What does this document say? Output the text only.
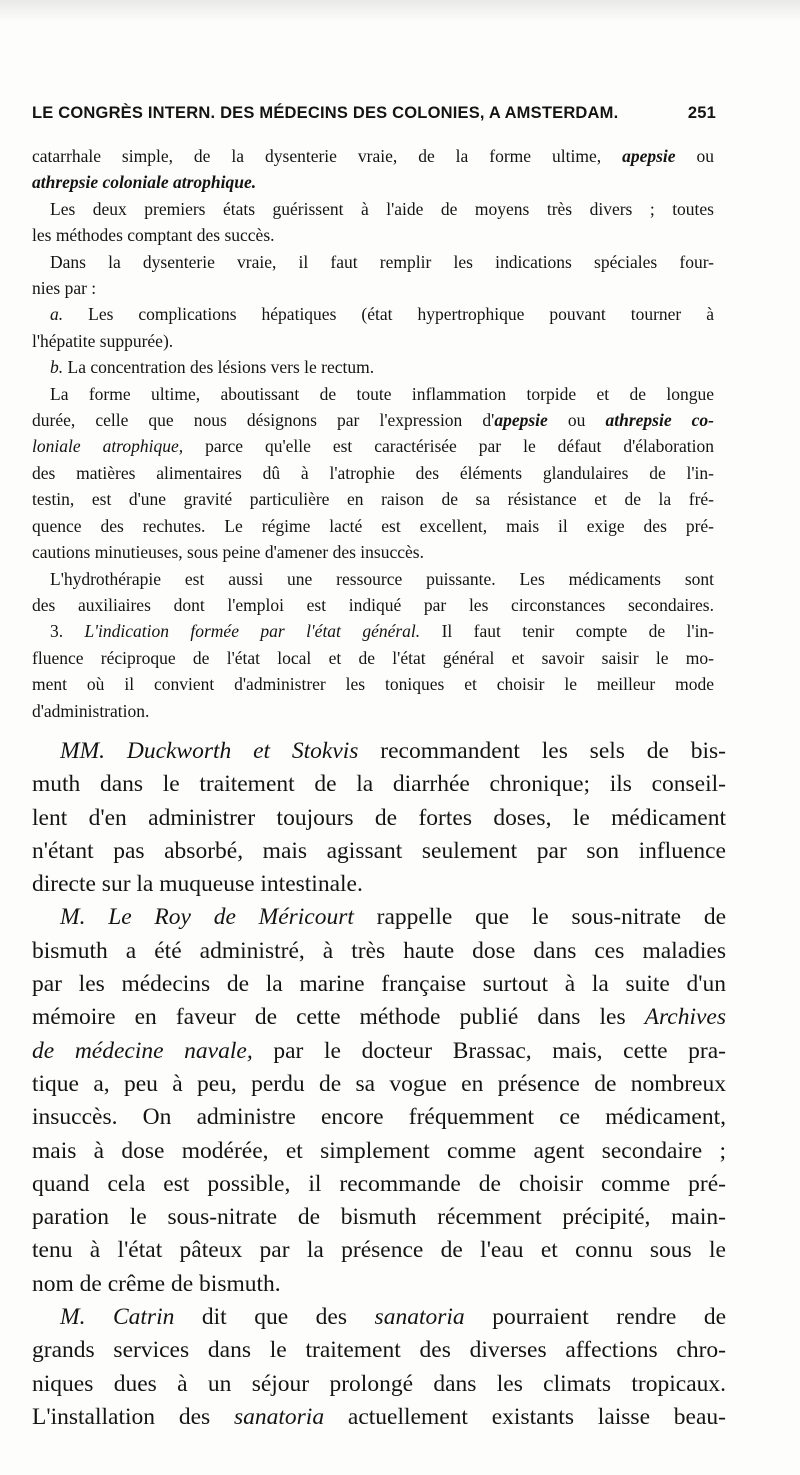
LE CONGRÈS INTERN. DES MÉDECINS DES COLONIES, A AMSTERDAM.	251
catarrhale simple, de la dysenterie vraie, de la forme ultime, apepsie ou
athrepsie coloniale atrophique.
Les deux premiers états guérissent à l'aide de moyens très divers ; toutes
les méthodes comptant des succès.
Dans la dysenterie vraie, il faut remplir les indications spéciales four-
nies par :
a. Les complications hépatiques (état hypertrophique pouvant tourner à
l'hépatite suppurée).
b. La concentration des lésions vers le rectum.
La forme ultime, aboutissant de toute inflammation torpide et de longue
durée, celle que nous désignons par l'expression d'apepsie ou athrepsie co-
loniale atrophique, parce qu'elle est caractérisée par le défaut d'élaboration
des matières alimentaires dû à l'atrophie des éléments glandulaires de l'in-
testin, est d'une gravité particulière en raison de sa résistance et de la fré-
quence des rechutes. Le régime lacté est excellent, mais il exige des pré-
cautions minutieuses, sous peine d'amener des insuccès.
L'hydrothérapie est aussi une ressource puissante. Les médicaments sont
des auxiliaires dont l'emploi est indiqué par les circonstances secondaires.
3. L'indication formée par l'état général. Il faut tenir compte de l'in-
fluence réciproque de l'état local et de l'état général et savoir saisir le mo-
ment où il convient d'administrer les toniques et choisir le meilleur mode
d'administration.
MM. Duckworth et Stokvis recommandent les sels de bis-
muth dans le traitement de la diarrhée chronique; ils conseil-
lent d'en administrer toujours de fortes doses, le médicament
n'étant pas absorbé, mais agissant seulement par son influence
directe sur la muqueuse intestinale.
M. Le Roy de Méricourt rappelle que le sous-nitrate de
bismuth a été administré, à très haute dose dans ces maladies
par les médecins de la marine française surtout à la suite d'un
mémoire en faveur de cette méthode publié dans les Archives
de médecine navale, par le docteur Brassac, mais, cette pra-
tique a, peu à peu, perdu de sa vogue en présence de nombreux
insuccès. On administre encore fréquemment ce médicament,
mais à dose modérée, et simplement comme agent secondaire ;
quand cela est possible, il recommande de choisir comme pré-
paration le sous-nitrate de bismuth récemment précipité, main-
tenu à l'état pâteux par la présence de l'eau et connu sous le
nom de crême de bismuth.
M. Catrin dit que des sanatoria pourraient rendre de
grands services dans le traitement des diverses affections chro-
niques dues à un séjour prolongé dans les climats tropicaux.
L'installation des sanatoria actuellement existants laisse beau-
